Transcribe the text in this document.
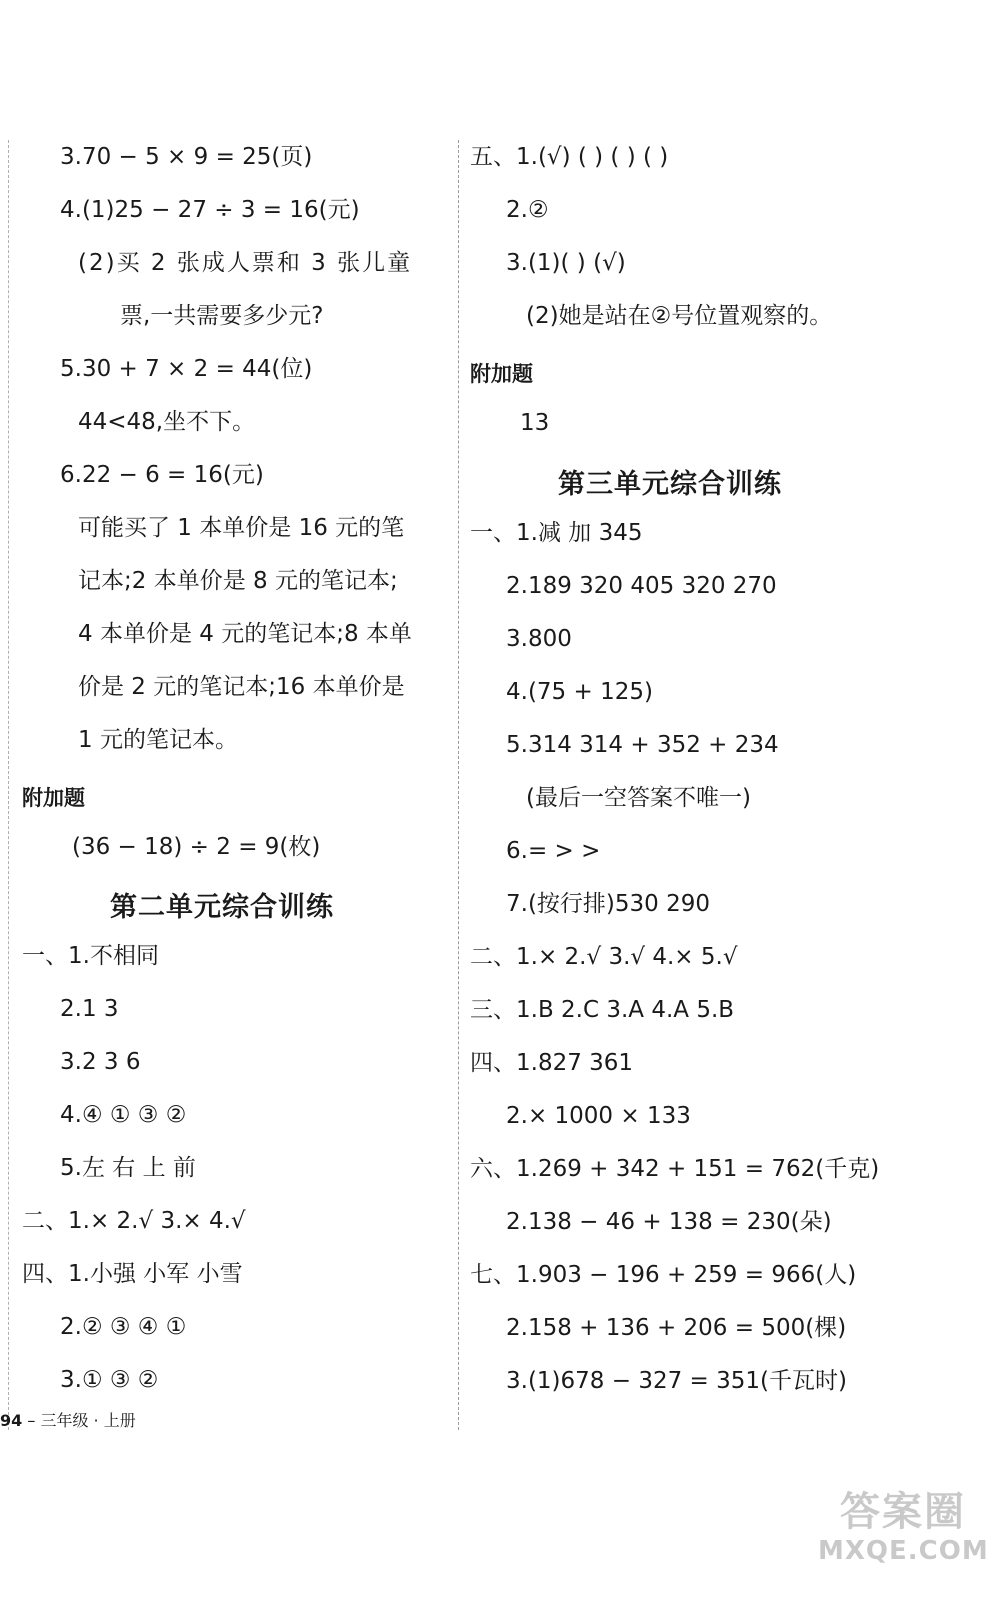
3.70 − 5 × 9 = 25(页)
4.(1)25 − 27 ÷ 3 = 16(元)
(2)买 2 张成人票和 3 张儿童
票,一共需要多少元?
5.30 + 7 × 2 = 44(位)
44<48,坐不下。
6.22 − 6 = 16(元)
可能买了 1 本单价是 16 元的笔
记本;2 本单价是 8 元的笔记本;
4 本单价是 4 元的笔记本;8 本单
价是 2 元的笔记本;16 本单价是
1 元的笔记本。
附加题
(36 − 18) ÷ 2 = 9(枚)
第二单元综合训练
一、1.不相同
2.1 3
3.2 3 6
4.④ ① ③ ②
5.左 右 上 前
二、1.× 2.√ 3.× 4.√
四、1.小强 小军 小雪
2.② ③ ④ ①
3.① ③ ②
五、1.(√) ( ) ( ) ( )
2.②
3.(1)( ) (√)
(2)她是站在②号位置观察的。
附加题
13
第三单元综合训练
一、1.减 加 345
2.189 320 405 320 270
3.800
4.(75 + 125)
5.314 314 + 352 + 234
(最后一空答案不唯一)
6.= > >
7.(按行排)530 290
二、1.× 2.√ 3.√ 4.× 5.√
三、1.B 2.C 3.A 4.A 5.B
四、1.827 361
2.× 1000 × 133
六、1.269 + 342 + 151 = 762(千克)
2.138 − 46 + 138 = 230(朵)
七、1.903 − 196 + 259 = 966(人)
2.158 + 136 + 206 = 500(棵)
3.(1)678 − 327 = 351(千瓦时)
94 – 三年级 · 上册
答案圈
MXQE.COM
